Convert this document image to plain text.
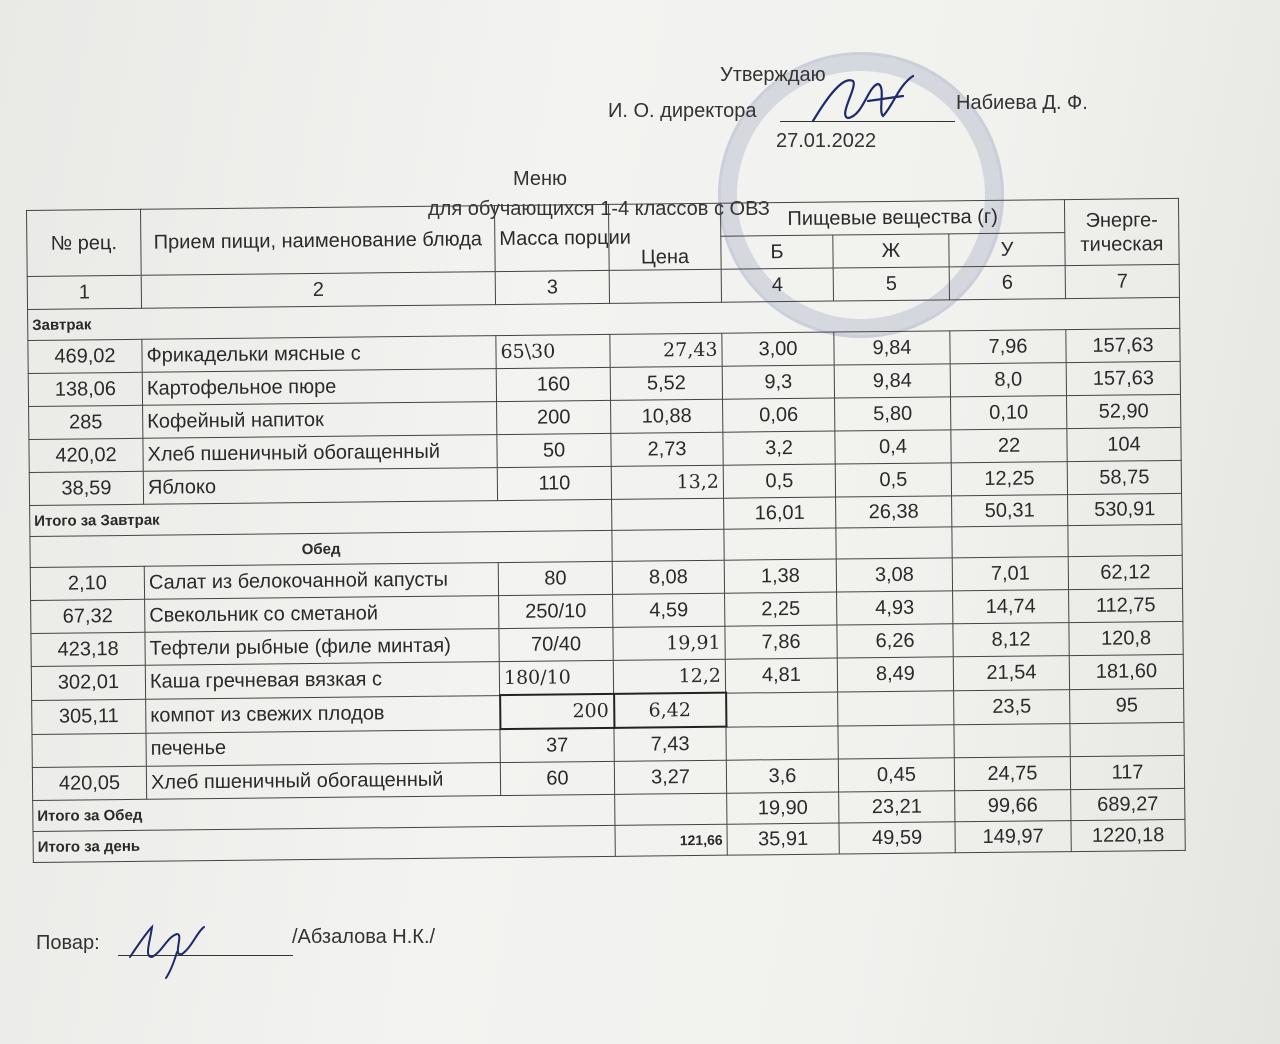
Утверждаю
И. О. директора	Набиева Д. Ф.
27.01.2022
Меню
для обучающихся 1-4 классов с ОВЗ
№ рец.	Прием пищи, наименование блюда	Масса порции	Цена	Пищевые вещества (г)			Энерге- тическая
				Б	Ж	У	
1	2	3		4	5	6	7
Завтрак							
469,02	Фрикадельки мясные с	65\30	27,43	3,00	9,84	7,96	157,63
138,06	Картофельное пюре	160	5,52	9,3	9,84	8,0	157,63
285	Кофейный напиток	200	10,88	0,06	5,80	0,10	52,90
420,02	Хлеб пшеничный обогащенный	50	2,73	3,2	0,4	22	104
38,59	Яблоко	110	13,2	0,5	0,5	12,25	58,75
Итого за Завтрак				16,01	26,38	50,31	530,91
Обед							
2,10	Салат из белокочанной капусты	80	8,08	1,38	3,08	7,01	62,12
67,32	Свекольник со сметаной	250/10	4,59	2,25	4,93	14,74	112,75
423,18	Тефтели рыбные (филе минтая)	70/40	19,91	7,86	6,26	8,12	120,8
302,01	Каша гречневая вязкая с	180/10	12,2	4,81	8,49	21,54	181,60
305,11	компот из свежих плодов	200	6,42			23,5	95
	печенье	37	7,43				
420,05	Хлеб пшеничный обогащенный	60	3,27	3,6	0,45	24,75	117
Итого за Обед				19,90	23,21	99,66	689,27
Итого за день			121,66	35,91	49,59	149,97	1220,18
Повар:	/Абзалова Н.К./
